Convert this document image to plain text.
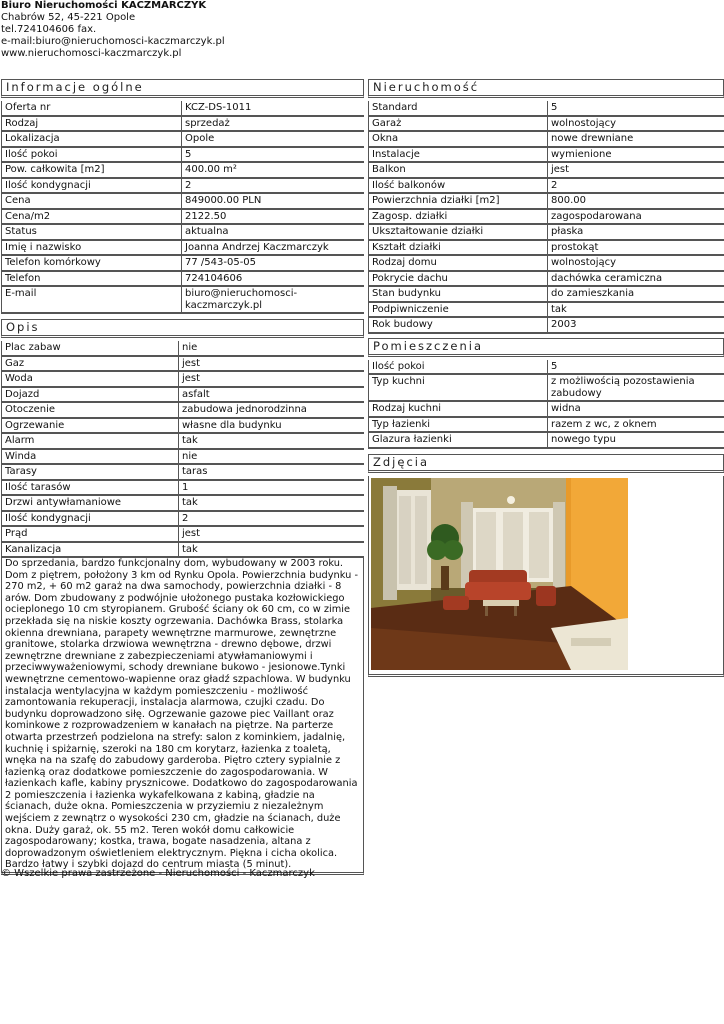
Biuro Nieruchomości KACZMARCZYK
Chabrów 52, 45-221 Opole
tel.724104606 fax.
e-mail:biuro@nieruchomosci-kaczmarczyk.pl
www.nieruchomosci-kaczmarczyk.pl
Informacje ogólne
Oferta nr	KCZ-DS-1011
Rodzaj	sprzedaż
Lokalizacja	Opole
Ilość pokoi	5
Pow. całkowita [m2]	400.00 m²
Ilość kondygnacji	2
Cena	849000.00 PLN
Cena/m2	2122.50
Status	aktualna
Imię i nazwisko	Joanna Andrzej Kaczmarczyk
Telefon komórkowy	77 /543-05-05
Telefon	724104606
E-mail	biuro@nieruchomosci-kaczmarczyk.pl
Opis
Plac zabaw	nie
Gaz	jest
Woda	jest
Dojazd	asfalt
Otoczenie	zabudowa jednorodzinna
Ogrzewanie	własne dla budynku
Alarm	tak
Winda	nie
Tarasy	taras
Ilość tarasów	1
Drzwi antywłamaniowe	tak
Ilość kondygnacji	2
Prąd	jest
Kanalizacja	tak
Do sprzedania, bardzo funkcjonalny dom, wybudowany w 2003 roku. Dom z piętrem, położony 3 km od Rynku Opola. Powierzchnia budynku - 270 m2, + 60 m2 garaż na dwa samochody, powierzchnia działki - 8 arów. Dom zbudowany z podwójnie ułożonego pustaka kozłowickiego ocieplonego 10 cm styropianem. Grubość ściany ok 60 cm, co w zimie przekłada się na niskie koszty ogrzewania. Dachówka Brass, stolarka okienna drewniana, parapety wewnętrzne marmurowe, zewnętrzne granitowe, stolarka drzwiowa wewnętrzna - drewno dębowe, drzwi zewnętrzne drewniane z zabezpieczeniami atywłamaniowymi i przeciwwyważeniowymi, schody drewniane bukowo - jesionowe.Tynki wewnętrzne cementowo-wapienne oraz gładź szpachlowa. W budynku instalacja wentylacyjna w każdym pomieszczeniu - możliwość zamontowania rekuperacji, instalacja alarmowa, czujki czadu. Do budynku doprowadzono siłę. Ogrzewanie gazowe piec Vaillant oraz kominkowe z rozprowadzeniem w kanałach na piętrze. Na parterze otwarta przestrzeń podzielona na strefy: salon z kominkiem, jadalnię, kuchnię i spiżarnię, szeroki na 180 cm korytarz, łazienka z toaletą, wnęka na na szafę do zabudowy garderoba. Piętro cztery sypialnie z łazienką oraz dodatkowe pomieszczenie do zagospodarowania. W łazienkach kafle, kabiny prysznicowe. Dodatkowo do zagospodarowania 2 pomieszczenia i łazienka wykafelkowana z kabiną, gładzie na ścianach, duże okna. Pomieszczenia w przyziemiu z niezależnym wejściem z zewnątrz o wysokości 230 cm, gładzie na ścianach, duże okna. Duży garaż, ok. 55 m2. Teren wokół domu całkowicie zagospodarowany; kostka, trawa, bogate nasadzenia, altana z doprowadzonym oświetleniem elektrycznym. Piękna i cicha okolica. Bardzo łatwy i szybki dojazd do centrum miasta (5 minut).
Nieruchomość
Standard	5
Garaż	wolnostojący
Okna	nowe drewniane
Instalacje	wymienione
Balkon	jest
Ilość balkonów	2
Powierzchnia działki [m2]	800.00
Zagosp. działki	zagospodarowana
Ukształtowanie działki	płaska
Kształt działki	prostokąt
Rodzaj domu	wolnostojący
Pokrycie dachu	dachówka ceramiczna
Stan budynku	do zamieszkania
Podpiwniczenie	tak
Rok budowy	2003
Pomieszczenia
Ilość pokoi	5
Typ kuchni	z możliwością pozostawienia zabudowy
Rodzaj kuchni	widna
Typ łazienki	razem z wc, z oknem
Glazura łazienki	nowego typu
Zdjęcia
© Wszelkie prawa zastrzeżone - Nieruchomości - Kaczmarczyk
